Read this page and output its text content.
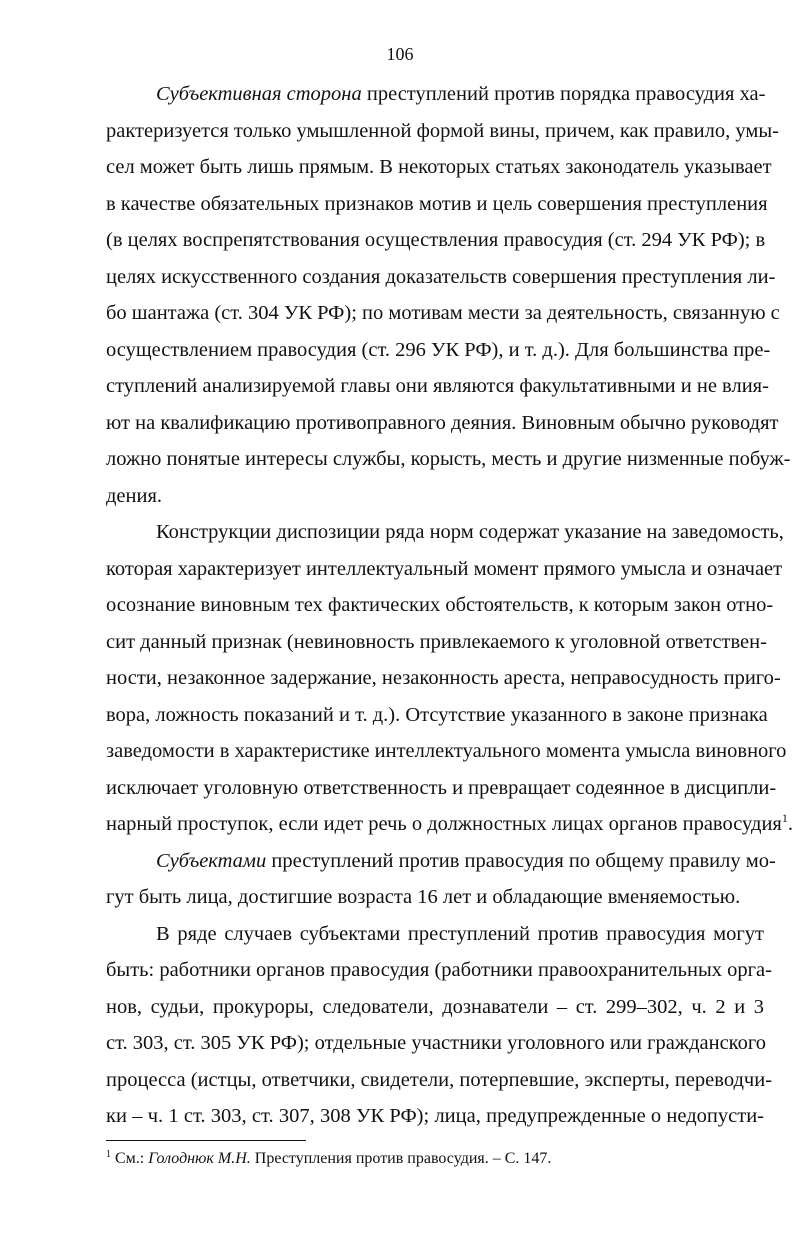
106
Субъективная сторона преступлений против порядка правосудия ха-
рактеризуется только умышленной формой вины, причем, как правило, умы-
сел может быть лишь прямым. В некоторых статьях законодатель указывает
в качестве обязательных признаков мотив и цель совершения преступления
(в целях воспрепятствования осуществления правосудия (ст. 294 УК РФ); в
целях искусственного создания доказательств совершения преступления ли-
бо шантажа (ст. 304 УК РФ); по мотивам мести за деятельность, связанную с
осуществлением правосудия (ст. 296 УК РФ), и т. д.). Для большинства пре-
ступлений анализируемой главы они являются факультативными и не влия-
ют на квалификацию противоправного деяния. Виновным обычно руководят
ложно понятые интересы службы, корысть, месть и другие низменные побуж-
дения.
Конструкции диспозиции ряда норм содержат указание на заведомость,
которая характеризует интеллектуальный момент прямого умысла и означает
осознание виновным тех фактических обстоятельств, к которым закон отно-
сит данный признак (невиновность привлекаемого к уголовной ответствен-
ности, незаконное задержание, незаконность ареста, неправосудность приго-
вора, ложность показаний и т. д.). Отсутствие указанного в законе признака
заведомости в характеристике интеллектуального момента умысла виновного
исключает уголовную ответственность и превращает содеянное в дисципли-
нарный проступок, если идет речь о должностных лицах органов правосудия$^1$.
Субъектами преступлений против правосудия по общему правилу мо-
гут быть лица, достигшие возраста 16 лет и обладающие вменяемостью.
В ряде случаев субъектами преступлений против правосудия могут
быть: работники органов правосудия (работники правоохранительных орга-
нов, судьи, прокуроры, следователи, дознаватели – ст. 299–302, ч. 2 и 3
ст. 303, ст. 305 УК РФ); отдельные участники уголовного или гражданского
процесса (истцы, ответчики, свидетели, потерпевшие, эксперты, переводчи-
ки – ч. 1 ст. 303, ст. 307, 308 УК РФ); лица, предупрежденные о недопусти-
$^1$ См.: Голоднюк М.Н. Преступления против правосудия. – С. 147.
